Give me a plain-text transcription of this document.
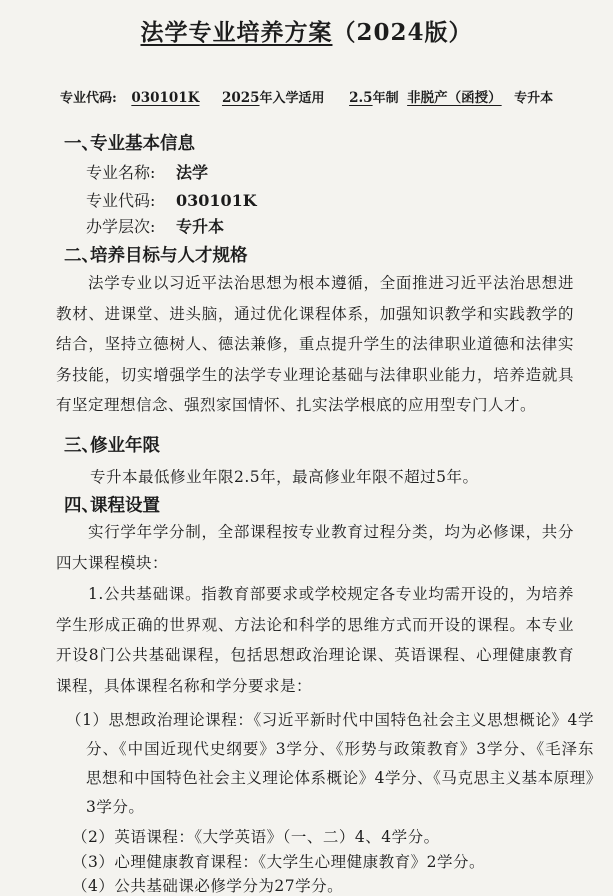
法学专业培养方案（2024版）
专业代码: 030101K 2025年入学适用 2.5年制 非脱产（函授） 专升本
一、专业基本信息
专业名称: 法学
专业代码: 030101K
办学层次: 专升本
二、培养目标与人才规格
法学专业以习近平法治思想为根本遵循，全面推进习近平法治思想进教材、进课堂、进头脑，通过优化课程体系，加强知识教学和实践教学的结合，坚持立德树人、德法兼修，重点提升学生的法律职业道德和法律实务技能，切实增强学生的法学专业理论基础与法律职业能力，培养造就具有坚定理想信念、强烈家国情怀、扎实法学根底的应用型专门人才。
三、修业年限
专升本最低修业年限2.5年，最高修业年限不超过5年。
四、课程设置
实行学年学分制，全部课程按专业教育过程分类，均为必修课，共分四大课程模块：
1.公共基础课。指教育部要求或学校规定各专业均需开设的，为培养学生形成正确的世界观、方法论和科学的思维方式而开设的课程。本专业开设8门公共基础课程，包括思想政治理论课、英语课程、心理健康教育课程，具体课程名称和学分要求是：
（1）思想政治理论课程：《习近平新时代中国特色社会主义思想概论》4学分、《中国近现代史纲要》3学分、《形势与政策教育》3学分、《毛泽东思想和中国特色社会主义理论体系概论》4学分、《马克思主义基本原理》3学分。
（2）英语课程：《大学英语》（一、二）4、4学分。
（3）心理健康教育课程：《大学生心理健康教育》2学分。
（4）公共基础课必修学分为27学分。
